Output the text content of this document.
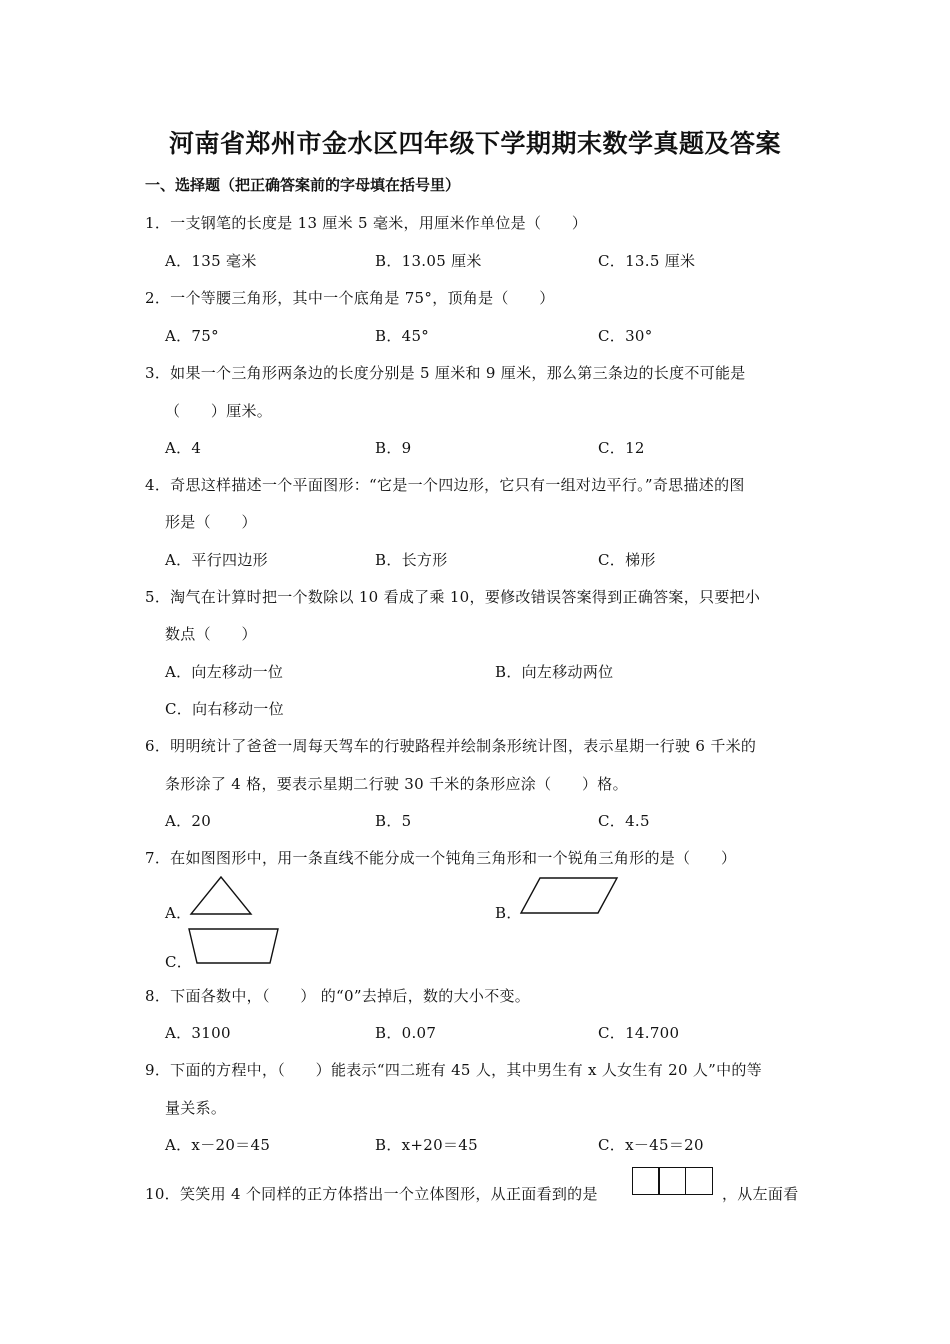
河南省郑州市金水区四年级下学期期末数学真题及答案
一、选择题（把正确答案前的字母填在括号里）
1．一支钢笔的长度是 13 厘米 5 毫米，用厘米作单位是（　　）
A．135 毫米	B．13.05 厘米	C．13.5 厘米
2．一个等腰三角形，其中一个底角是 75°，顶角是（　　）
A．75°	B．45°	C．30°
3．如果一个三角形两条边的长度分别是 5 厘米和 9 厘米，那么第三条边的长度不可能是
（　　）厘米。
A．4	B．9	C．12
4．奇思这样描述一个平面图形：“它是一个四边形，它只有一组对边平行。”奇思描述的图
形是（　　）
A．平行四边形	B．长方形	C．梯形
5．淘气在计算时把一个数除以 10 看成了乘 10，要修改错误答案得到正确答案，只要把小
数点（　　）
A．向左移动一位	B．向左移动两位
C．向右移动一位
6．明明统计了爸爸一周每天驾车的行驶路程并绘制条形统计图，表示星期一行驶 6 千米的
条形涂了 4 格，要表示星期二行驶 30 千米的条形应涂（　　）格。
A．20	B．5	C．4.5
7．在如图图形中，用一条直线不能分成一个钝角三角形和一个锐角三角形的是（　　）
A．	B．
C．
8．下面各数中，（　　） 的“0”去掉后，数的大小不变。
A．3100	B．0.07	C．14.700
9．下面的方程中，（　　）能表示“四二班有 45 人，其中男生有 x 人女生有 20 人”中的等
量关系。
A．x－20＝45	B．x+20＝45	C．x－45＝20
10．笑笑用 4 个同样的正方体搭出一个立体图形，从正面看到的是	，从左面看
